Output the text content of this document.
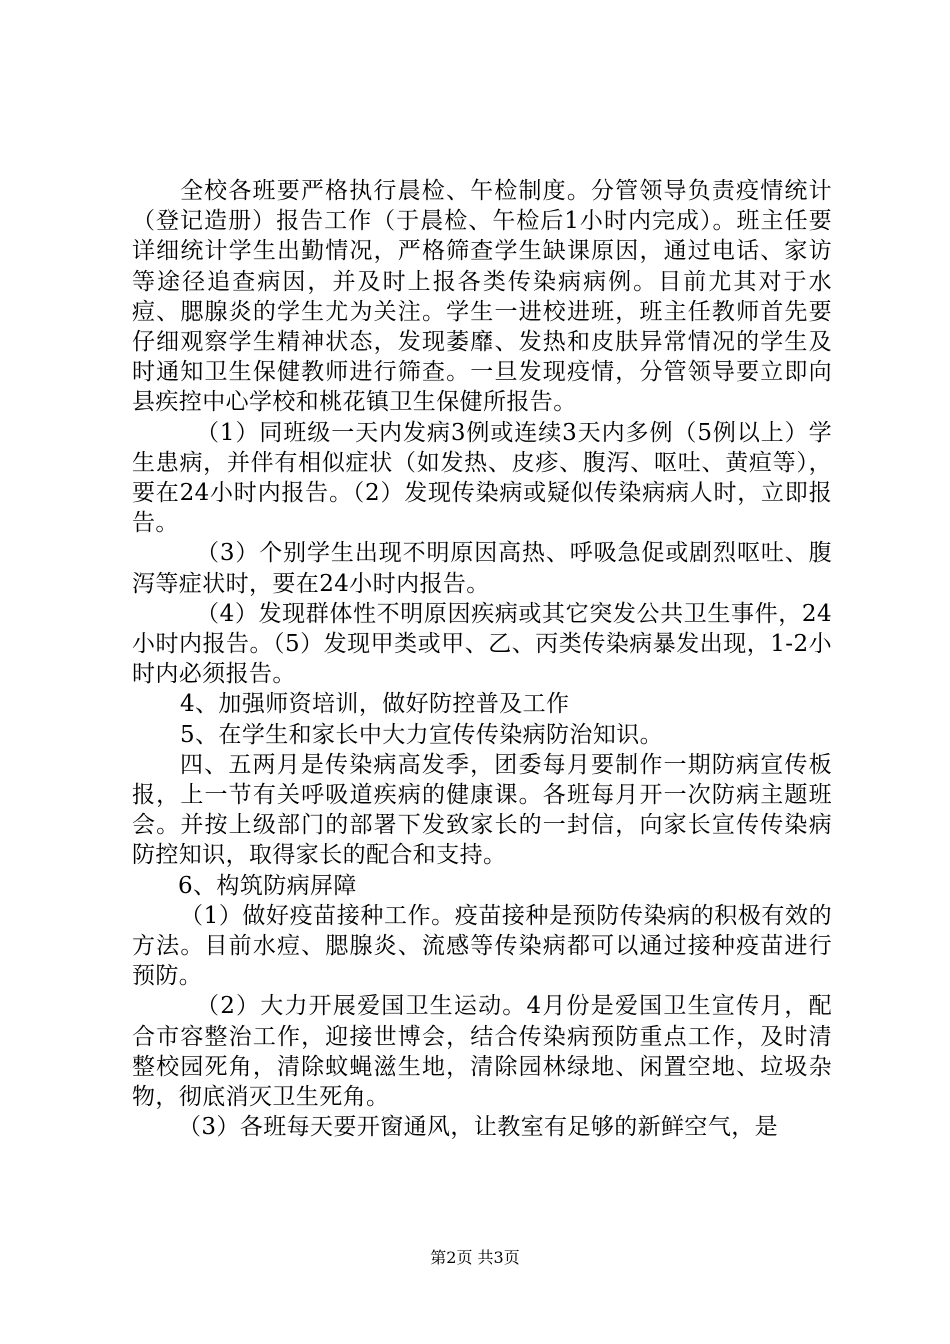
全校各班要严格执行晨检、午检制度。分管领导负责疫情统计（登记造册）报告工作（于晨检、午检后1小时内完成）。班主任要详细统计学生出勤情况，严格筛查学生缺课原因，通过电话、家访等途径追查病因，并及时上报各类传染病病例。目前尤其对于水痘、腮腺炎的学生尤为关注。学生一进校进班，班主任教师首先要仔细观察学生精神状态，发现萎靡、发热和皮肤异常情况的学生及时通知卫生保健教师进行筛查。一旦发现疫情，分管领导要立即向县疾控中心学校和桃花镇卫生保健所报告。

（1）同班级一天内发病3例或连续3天内多例（5例以上）学生患病，并伴有相似症状（如发热、皮疹、腹泻、呕吐、黄疸等），要在24小时内报告。（2）发现传染病或疑似传染病病人时，立即报告。

（3）个别学生出现不明原因高热、呼吸急促或剧烈呕吐、腹泻等症状时，要在24小时内报告。

（4）发现群体性不明原因疾病或其它突发公共卫生事件，24小时内报告。（5）发现甲类或甲、乙、丙类传染病暴发出现，1-2小时内必须报告。

4、加强师资培训，做好防控普及工作

5、在学生和家长中大力宣传传染病防治知识。

四、五两月是传染病高发季，团委每月要制作一期防病宣传板报，上一节有关呼吸道疾病的健康课。各班每月开一次防病主题班会。并按上级部门的部署下发致家长的一封信，向家长宣传传染病防控知识，取得家长的配合和支持。

6、构筑防病屏障

（1）做好疫苗接种工作。疫苗接种是预防传染病的积极有效的方法。目前水痘、腮腺炎、流感等传染病都可以通过接种疫苗进行预防。

（2）大力开展爱国卫生运动。4月份是爱国卫生宣传月，配合市容整治工作，迎接世博会，结合传染病预防重点工作，及时清整校园死角，清除蚊蝇滋生地，清除园林绿地、闲置空地、垃圾杂物，彻底消灭卫生死角。

（3）各班每天要开窗通风，让教室有足够的新鲜空气，是

第2页 共3页
